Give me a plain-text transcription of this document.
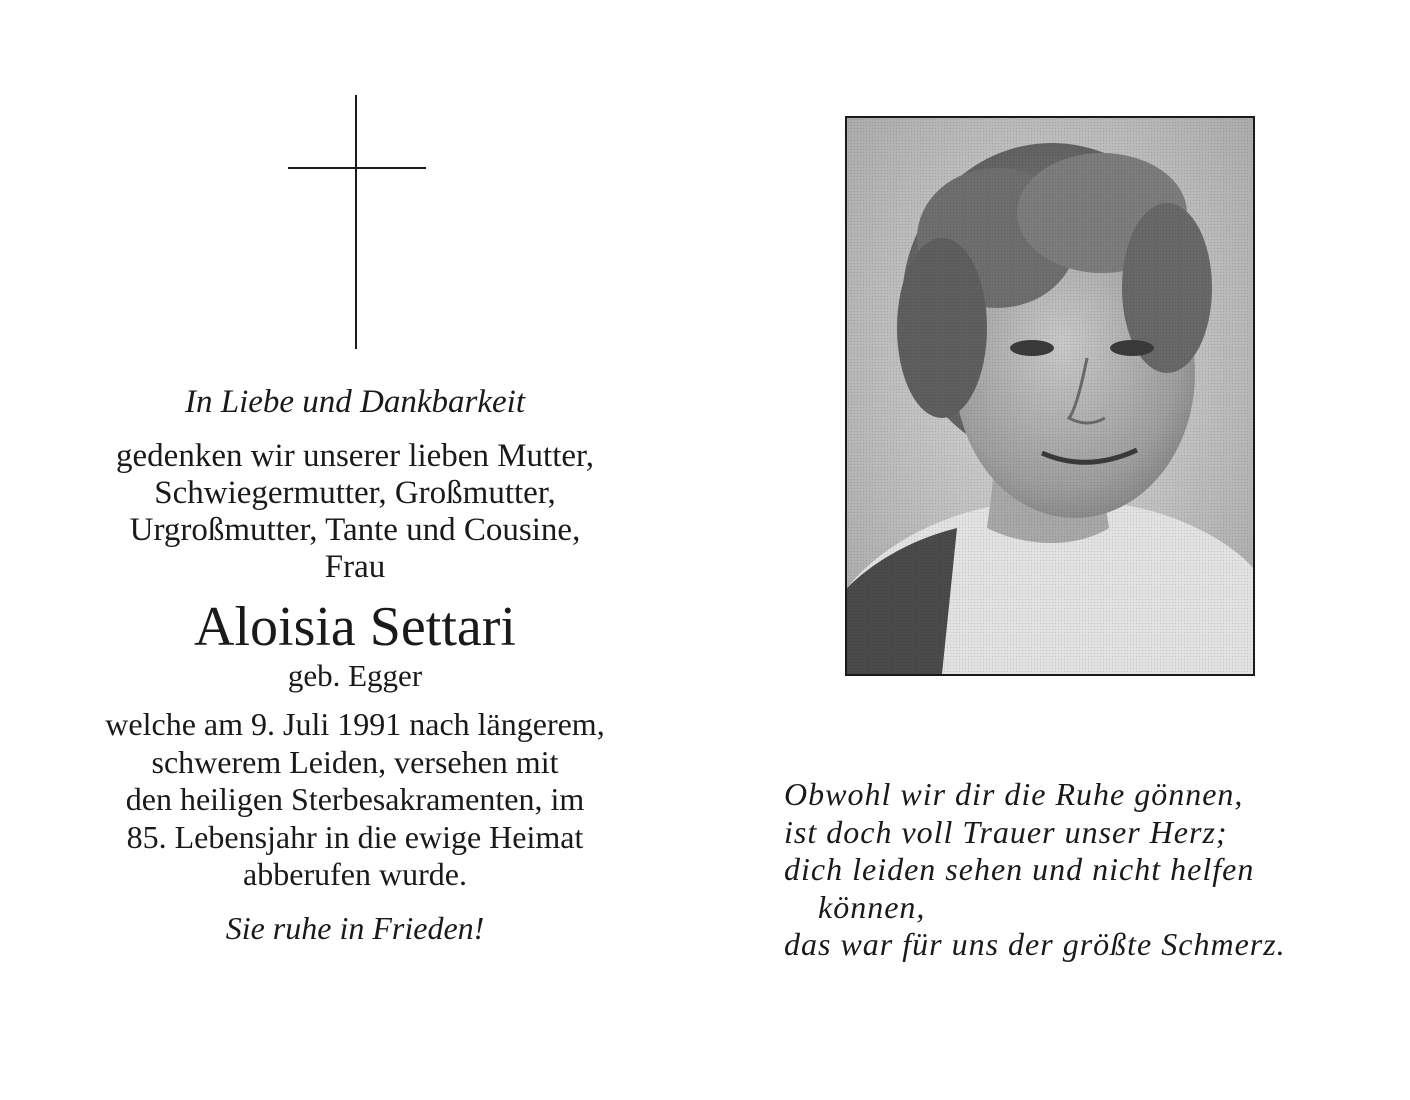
In Liebe und Dankbarkeit

gedenken wir unserer lieben Mutter,
Schwiegermutter, Großmutter,
Urgroßmutter, Tante und Cousine,
Frau

Aloisia Settari

geb. Egger

welche am 9. Juli 1991 nach längerem,
schwerem Leiden, versehen mit
den heiligen Sterbesakramenten, im
85. Lebensjahr in die ewige Heimat
abberufen wurde.

Sie ruhe in Frieden!

Obwohl wir dir die Ruhe gönnen,
ist doch voll Trauer unser Herz;
dich leiden sehen und nicht helfen
können,
das war für uns der größte Schmerz.
